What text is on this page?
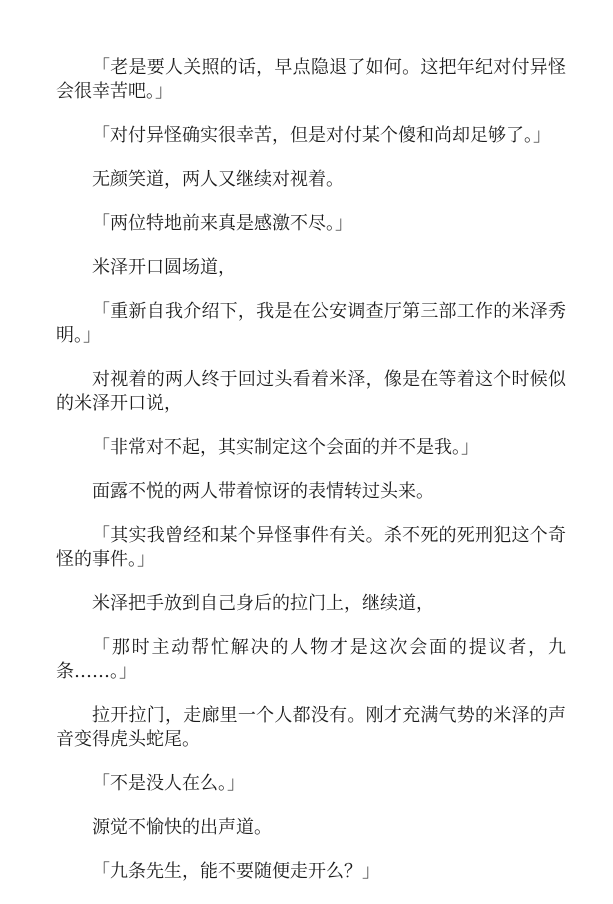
「老是要人关照的话，早点隐退了如何。这把年纪对付异怪会很幸苦吧。」

「对付异怪确实很幸苦，但是对付某个傻和尚却足够了。」

无颜笑道，两人又继续对视着。

「两位特地前来真是感激不尽。」

米泽开口圆场道，

「重新自我介绍下，我是在公安调查厅第三部工作的米泽秀明。」

对视着的两人终于回过头看着米泽，像是在等着这个时候似的米泽开口说，

「非常对不起，其实制定这个会面的并不是我。」

面露不悦的两人带着惊讶的表情转过头来。

「其实我曾经和某个异怪事件有关。杀不死的死刑犯这个奇怪的事件。」

米泽把手放到自己身后的拉门上，继续道，

「那时主动帮忙解决的人物才是这次会面的提议者，九条……。」

拉开拉门，走廊里一个人都没有。刚才充满气势的米泽的声音变得虎头蛇尾。

「不是没人在么。」

源觉不愉快的出声道。

「九条先生，能不要随便走开么？」
